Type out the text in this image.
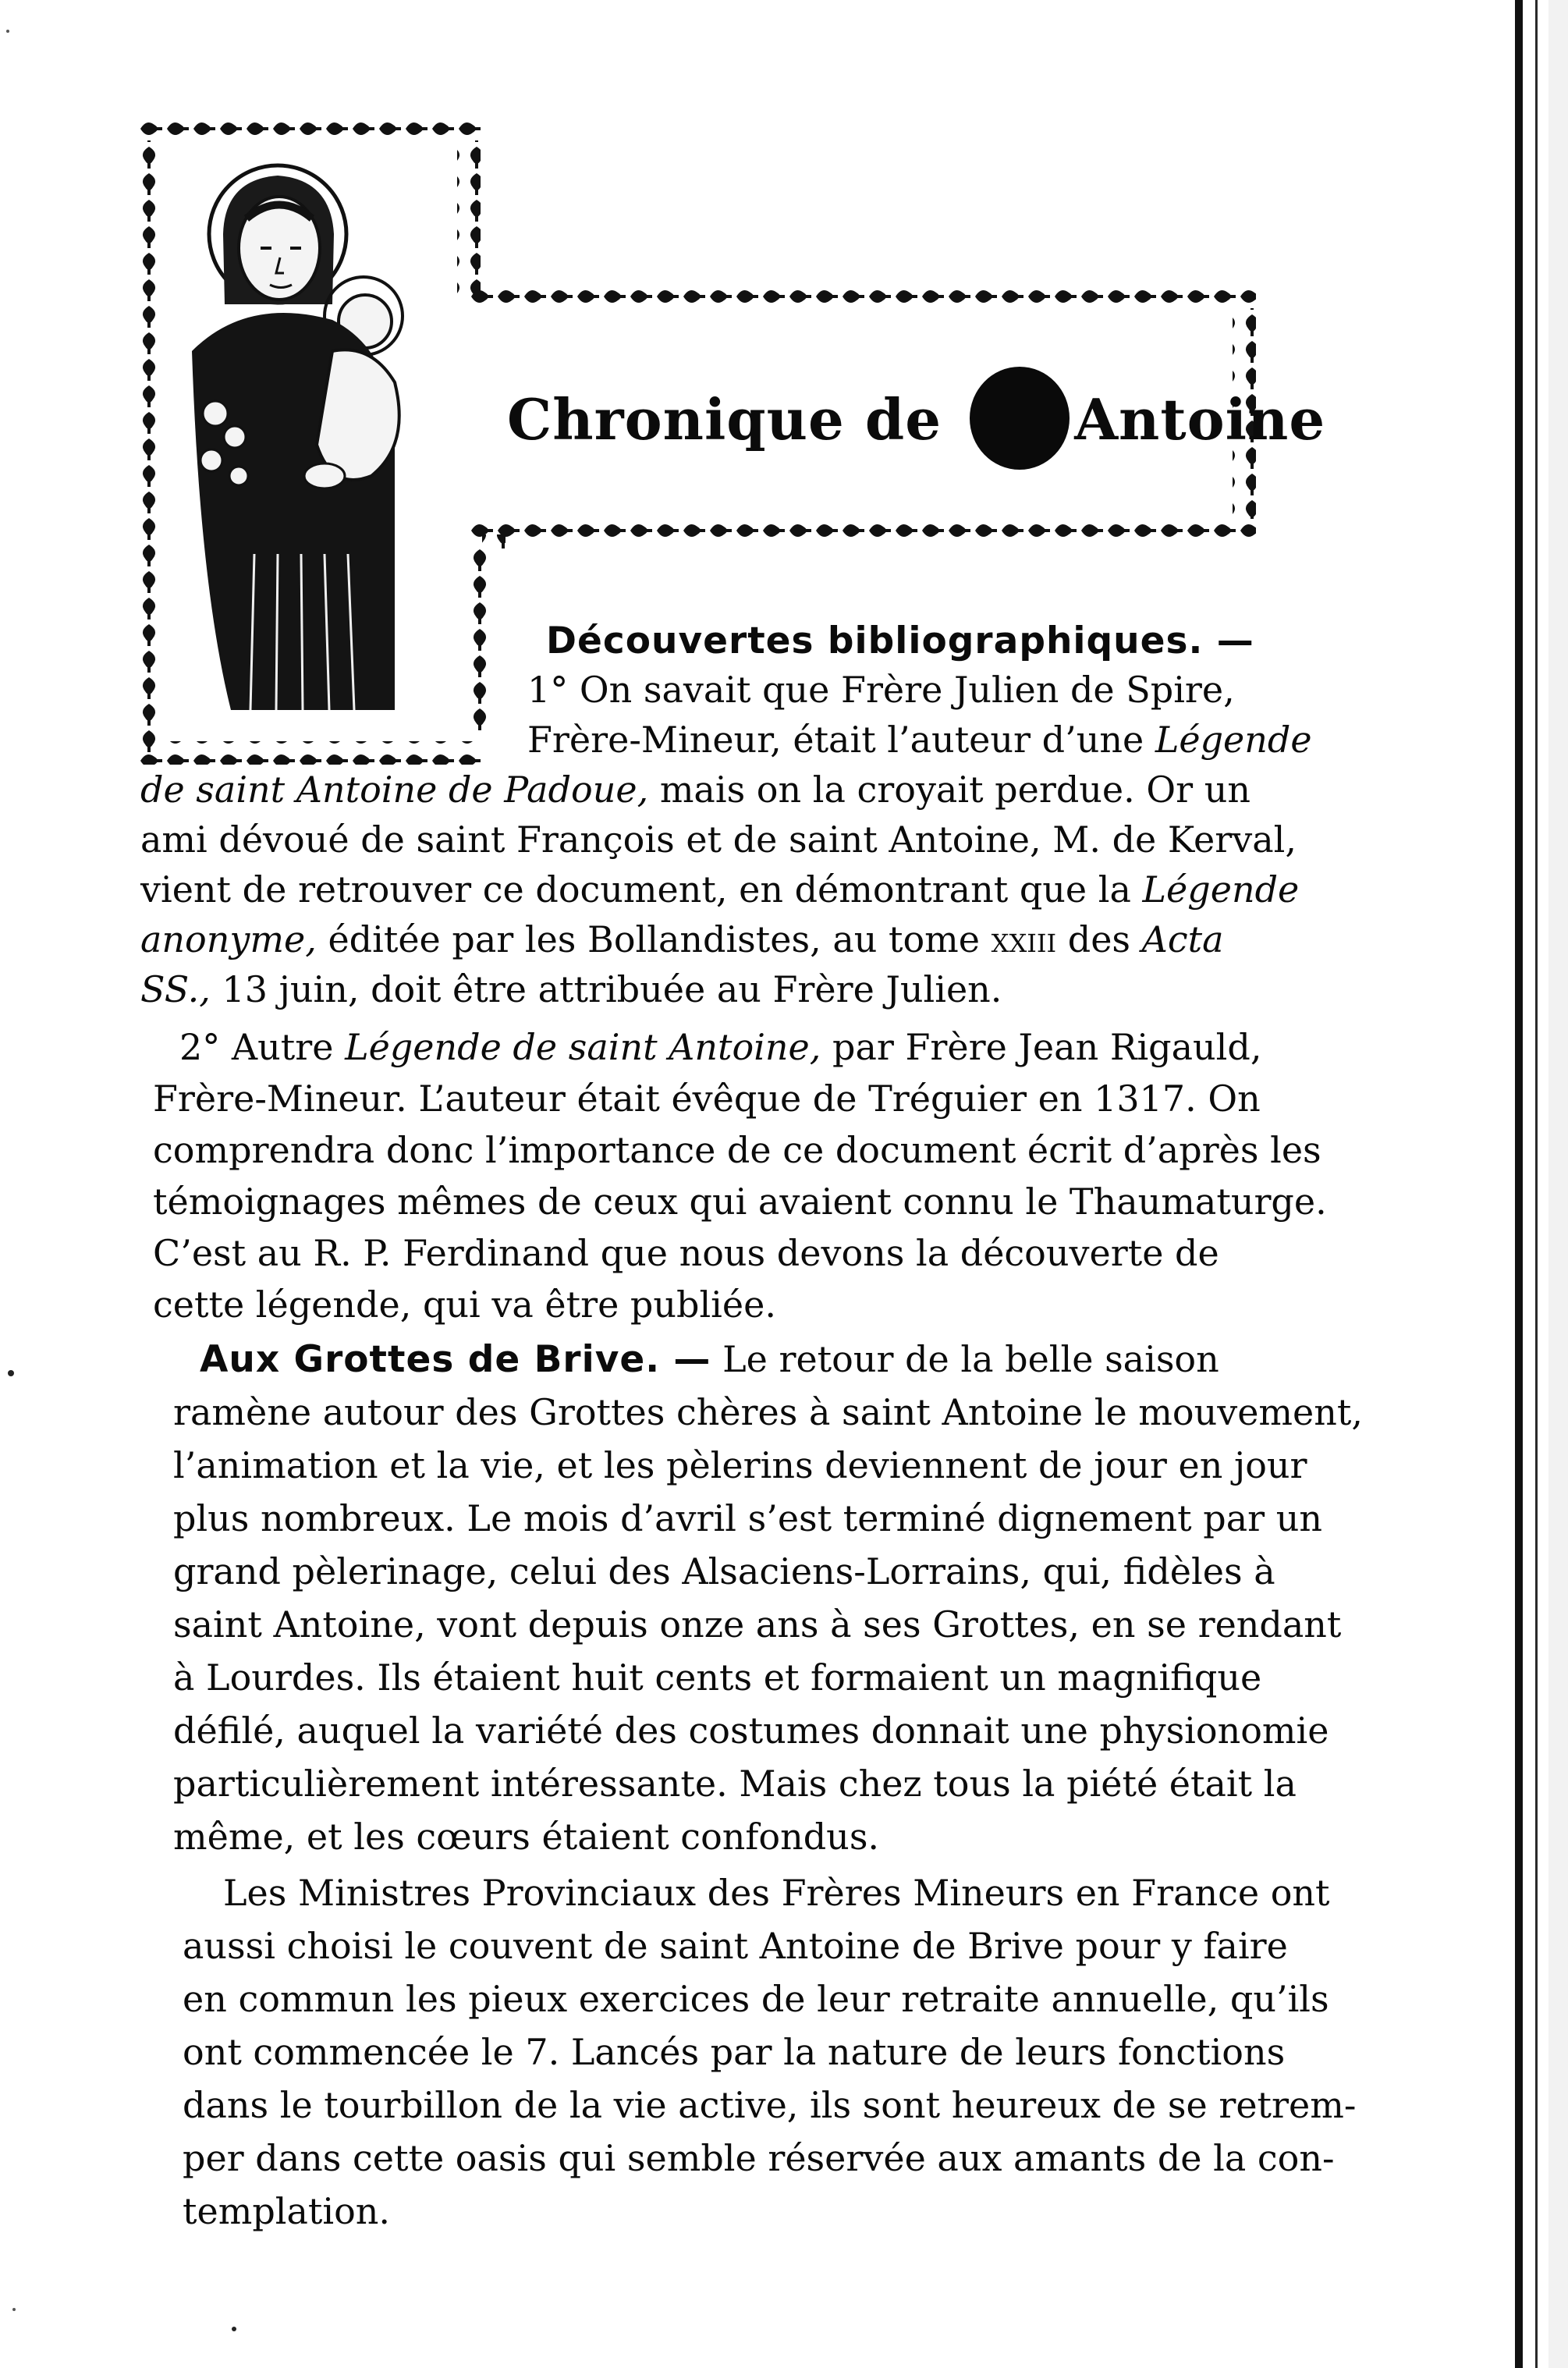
Chronique de Antoine
Découvertes bibliographiques. —
1° On savait que Frère Julien de Spire,
Frère-Mineur, était l’auteur d’une Légende
de saint Antoine de Padoue, mais on la croyait perdue. Or un
ami dévoué de saint François et de saint Antoine, M. de Kerval,
vient de retrouver ce document, en démontrant que la Légende
anonyme, éditée par les Bollandistes, au tome xxiii des Acta
SS., 13 juin, doit être attribuée au Frère Julien.
2° Autre Légende de saint Antoine, par Frère Jean Rigauld,
Frère-Mineur. L’auteur était évêque de Tréguier en 1317. On
comprendra donc l’importance de ce document écrit d’après les
témoignages mêmes de ceux qui avaient connu le Thaumaturge.
C’est au R. P. Ferdinand que nous devons la découverte de
cette légende, qui va être publiée.
Aux Grottes de Brive. — Le retour de la belle saison
ramène autour des Grottes chères à saint Antoine le mouvement,
l’animation et la vie, et les pèlerins deviennent de jour en jour
plus nombreux. Le mois d’avril s’est terminé dignement par un
grand pèlerinage, celui des Alsaciens-Lorrains, qui, fidèles à
saint Antoine, vont depuis onze ans à ses Grottes, en se rendant
à Lourdes. Ils étaient huit cents et formaient un magnifique
défilé, auquel la variété des costumes donnait une physionomie
particulièrement intéressante. Mais chez tous la piété était la
même, et les cœurs étaient confondus.
Les Ministres Provinciaux des Frères Mineurs en France ont
aussi choisi le couvent de saint Antoine de Brive pour y faire
en commun les pieux exercices de leur retraite annuelle, qu’ils
ont commencée le 7. Lancés par la nature de leurs fonctions
dans le tourbillon de la vie active, ils sont heureux de se retrem-
per dans cette oasis qui semble réservée aux amants de la con-
templation.
